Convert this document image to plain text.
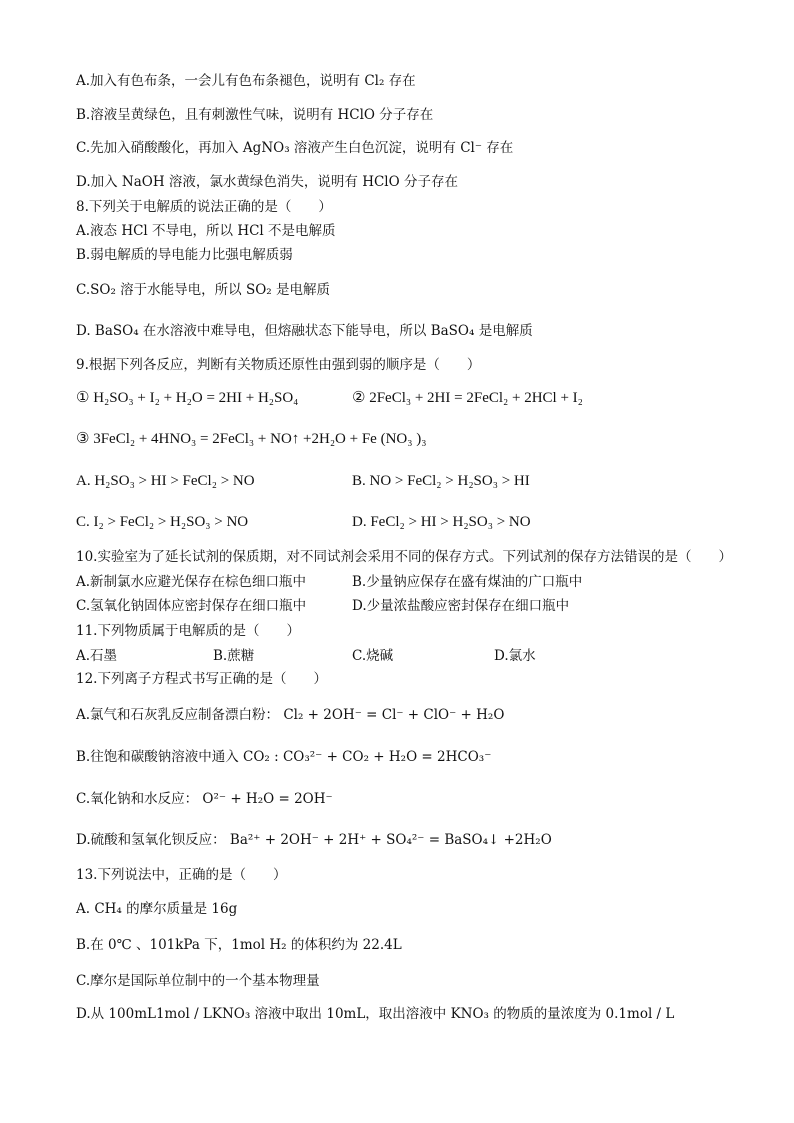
A.加入有色布条，一会儿有色布条褪色，说明有 Cl₂ 存在
B.溶液呈黄绿色，且有刺激性气味，说明有 HClO 分子存在
C.先加入硝酸酸化，再加入 AgNO₃ 溶液产生白色沉淀，说明有 Cl⁻ 存在
D.加入 NaOH 溶液，氯水黄绿色消失，说明有 HClO 分子存在
8.下列关于电解质的说法正确的是（　　）
A.液态 HCl 不导电，所以 HCl 不是电解质
B.弱电解质的导电能力比强电解质弱
C.SO₂ 溶于水能导电，所以 SO₂ 是电解质
D. BaSO₄ 在水溶液中难导电，但熔融状态下能导电，所以 BaSO₄ 是电解质
9.根据下列各反应，判断有关物质还原性由强到弱的顺序是（　　）
① H₂SO₃ + I₂ + H₂O = 2HI + H₂SO₄	② 2FeCl₃ + 2HI = 2FeCl₂ + 2HCl + I₂
③ 3FeCl₂ + 4HNO₃ = 2FeCl₃ + NO↑ +2H₂O + Fe (NO₃ )₃
A. H₂SO₃ > HI > FeCl₂ > NO	B. NO > FeCl₂ > H₂SO₃ > HI
C. I₂ > FeCl₂ > H₂SO₃ > NO	D. FeCl₂ > HI > H₂SO₃ > NO
10.实验室为了延长试剂的保质期，对不同试剂会采用不同的保存方式。下列试剂的保存方法错误的是（　　）
A.新制氯水应避光保存在棕色细口瓶中	B.少量钠应保存在盛有煤油的广口瓶中
C.氢氧化钠固体应密封保存在细口瓶中	D.少量浓盐酸应密封保存在细口瓶中
11.下列物质属于电解质的是（　　）
A.石墨	B.蔗糖	C.烧碱	D.氯水
12.下列离子方程式书写正确的是（　　）
A.氯气和石灰乳反应制备漂白粉： Cl₂ + 2OH⁻ = Cl⁻ + ClO⁻ + H₂O
B.往饱和碳酸钠溶液中通入 CO₂ : CO₃²⁻ + CO₂ + H₂O = 2HCO₃⁻
C.氧化钠和水反应： O²⁻ + H₂O = 2OH⁻
D.硫酸和氢氧化钡反应： Ba²⁺ + 2OH⁻ + 2H⁺ + SO₄²⁻ = BaSO₄↓ +2H₂O
13.下列说法中，正确的是（　　）
A. CH₄ 的摩尔质量是 16g
B.在 0℃ 、101kPa 下，1mol H₂ 的体积约为 22.4L
C.摩尔是国际单位制中的一个基本物理量
D.从 100mL1mol / LKNO₃ 溶液中取出 10mL，取出溶液中 KNO₃ 的物质的量浓度为 0.1mol / L
